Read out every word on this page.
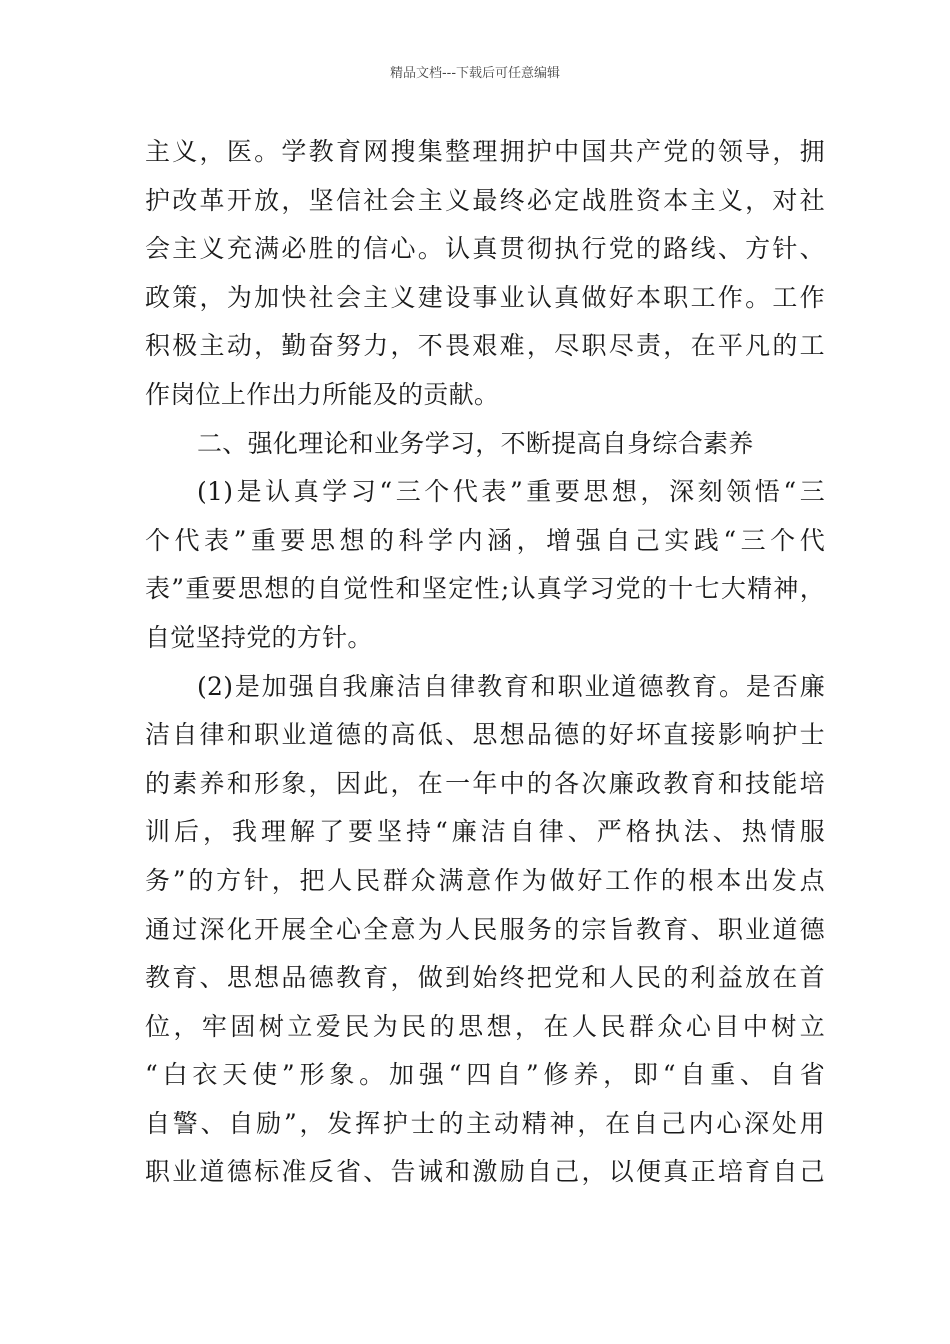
精品文档---下载后可任意编辑
主义，医。学教育网搜集整理拥护中国共产党的领导，拥
护改革开放，坚信社会主义最终必定战胜资本主义，对社
会主义充满必胜的信心。认真贯彻执行党的路线、方针、
政策，为加快社会主义建设事业认真做好本职工作。工作
积极主动，勤奋努力，不畏艰难，尽职尽责，在平凡的工
作岗位上作出力所能及的贡献。
二、强化理论和业务学习，不断提高自身综合素养
(1)是认真学习“三个代表”重要思想，深刻领悟“三
个代表”重要思想的科学内涵，增强自己实践“三个代
表”重要思想的自觉性和坚定性;认真学习党的十七大精神，
自觉坚持党的方针。
(2)是加强自我廉洁自律教育和职业道德教育。是否廉
洁自律和职业道德的高低、思想品德的好坏直接影响护士
的素养和形象，因此，在一年中的各次廉政教育和技能培
训后，我理解了要坚持“廉洁自律、严格执法、热情服
务”的方针，把人民群众满意作为做好工作的根本出发点
通过深化开展全心全意为人民服务的宗旨教育、职业道德
教育、思想品德教育，做到始终把党和人民的利益放在首
位，牢固树立爱民为民的思想，在人民群众心目中树立
“白衣天使”形象。加强“四自”修养，即“自重、自省
自警、自励”，发挥护士的主动精神，在自己内心深处用
职业道德标准反省、告诫和激励自己，以便真正培育自己
